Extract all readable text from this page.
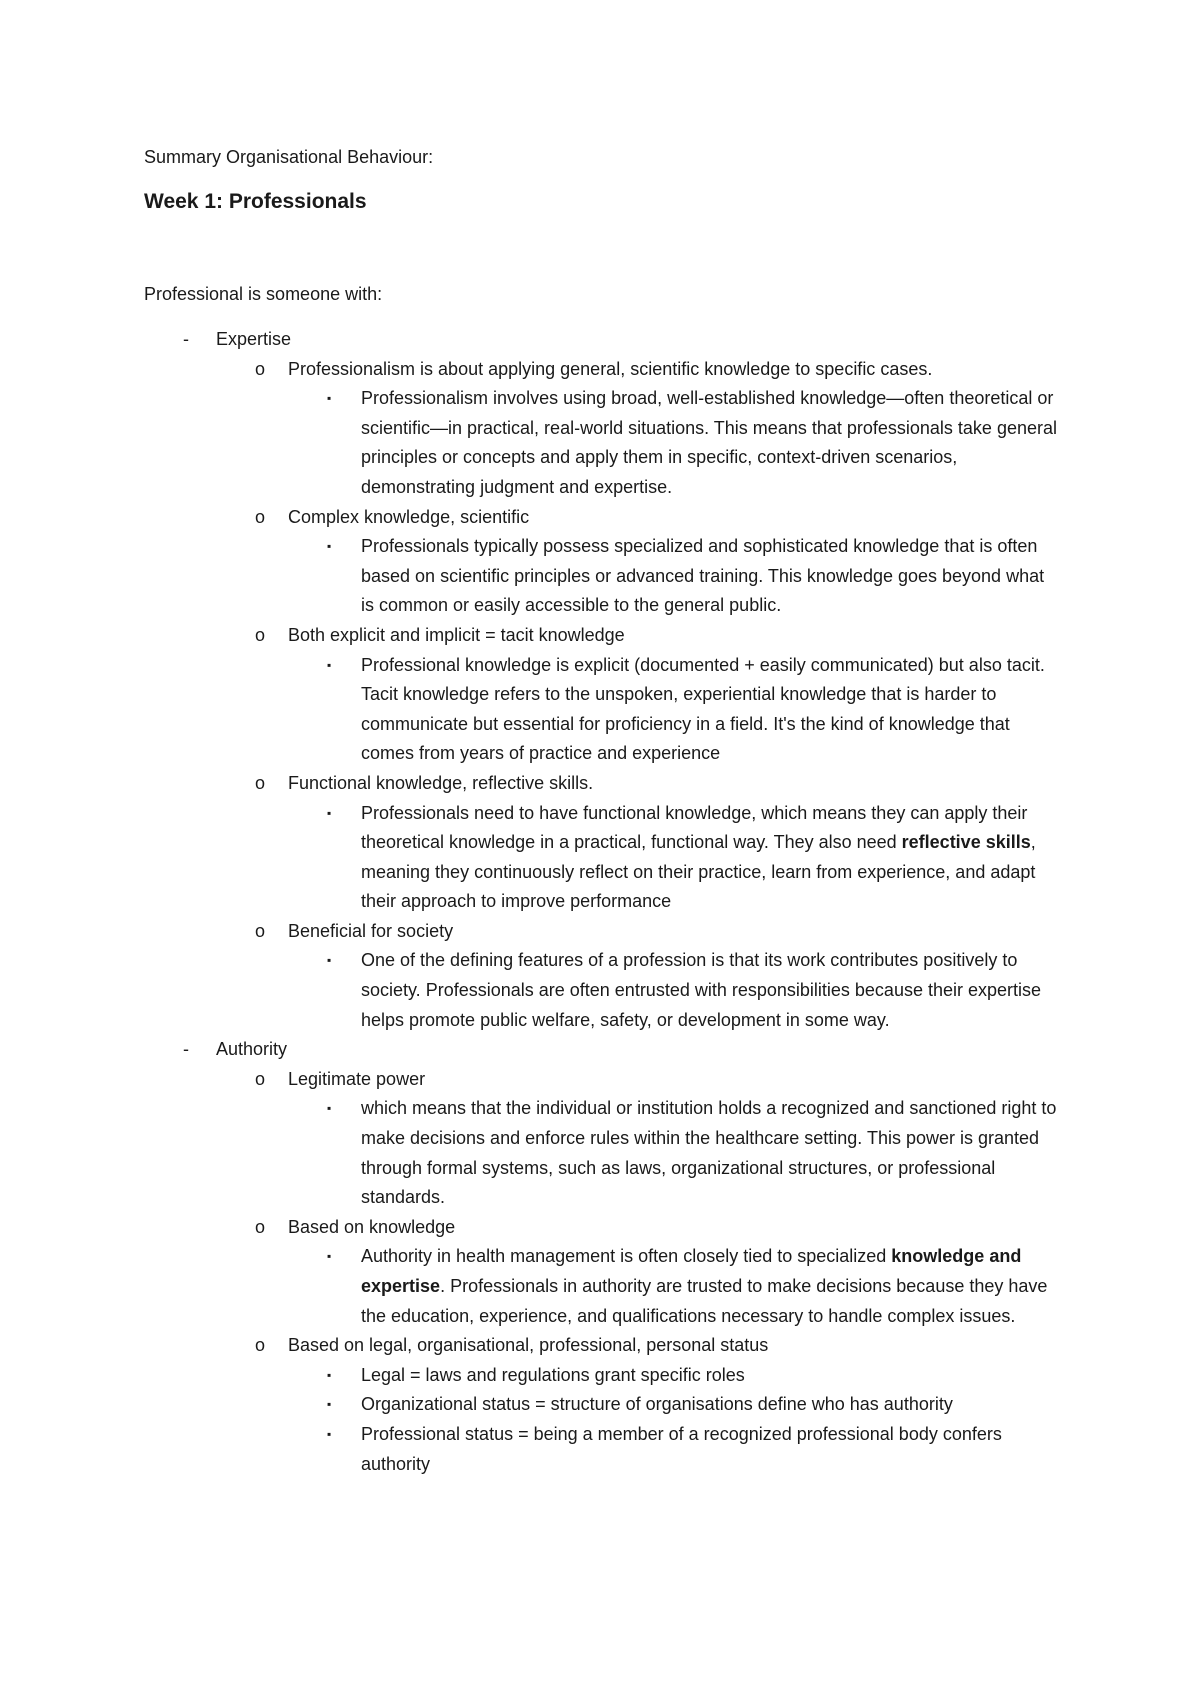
Summary Organisational Behaviour:
Week 1: Professionals
Professional is someone with:
- Expertise
o Professionalism is about applying general, scientific knowledge to specific cases.
▪ Professionalism involves using broad, well-established knowledge—often theoretical or scientific—in practical, real-world situations. This means that professionals take general principles or concepts and apply them in specific, context-driven scenarios, demonstrating judgment and expertise.
o Complex knowledge, scientific
▪ Professionals typically possess specialized and sophisticated knowledge that is often based on scientific principles or advanced training. This knowledge goes beyond what is common or easily accessible to the general public.
o Both explicit and implicit = tacit knowledge
▪ Professional knowledge is explicit (documented + easily communicated) but also tacit. Tacit knowledge refers to the unspoken, experiential knowledge that is harder to communicate but essential for proficiency in a field. It's the kind of knowledge that comes from years of practice and experience
o Functional knowledge, reflective skills.
▪ Professionals need to have functional knowledge, which means they can apply their theoretical knowledge in a practical, functional way. They also need reflective skills, meaning they continuously reflect on their practice, learn from experience, and adapt their approach to improve performance
o Beneficial for society
▪ One of the defining features of a profession is that its work contributes positively to society. Professionals are often entrusted with responsibilities because their expertise helps promote public welfare, safety, or development in some way.
- Authority
o Legitimate power
▪ which means that the individual or institution holds a recognized and sanctioned right to make decisions and enforce rules within the healthcare setting. This power is granted through formal systems, such as laws, organizational structures, or professional standards.
o Based on knowledge
▪ Authority in health management is often closely tied to specialized knowledge and expertise. Professionals in authority are trusted to make decisions because they have the education, experience, and qualifications necessary to handle complex issues.
o Based on legal, organisational, professional, personal status
▪ Legal = laws and regulations grant specific roles
▪ Organizational status = structure of organisations define who has authority
▪ Professional status = being a member of a recognized professional body confers authority
